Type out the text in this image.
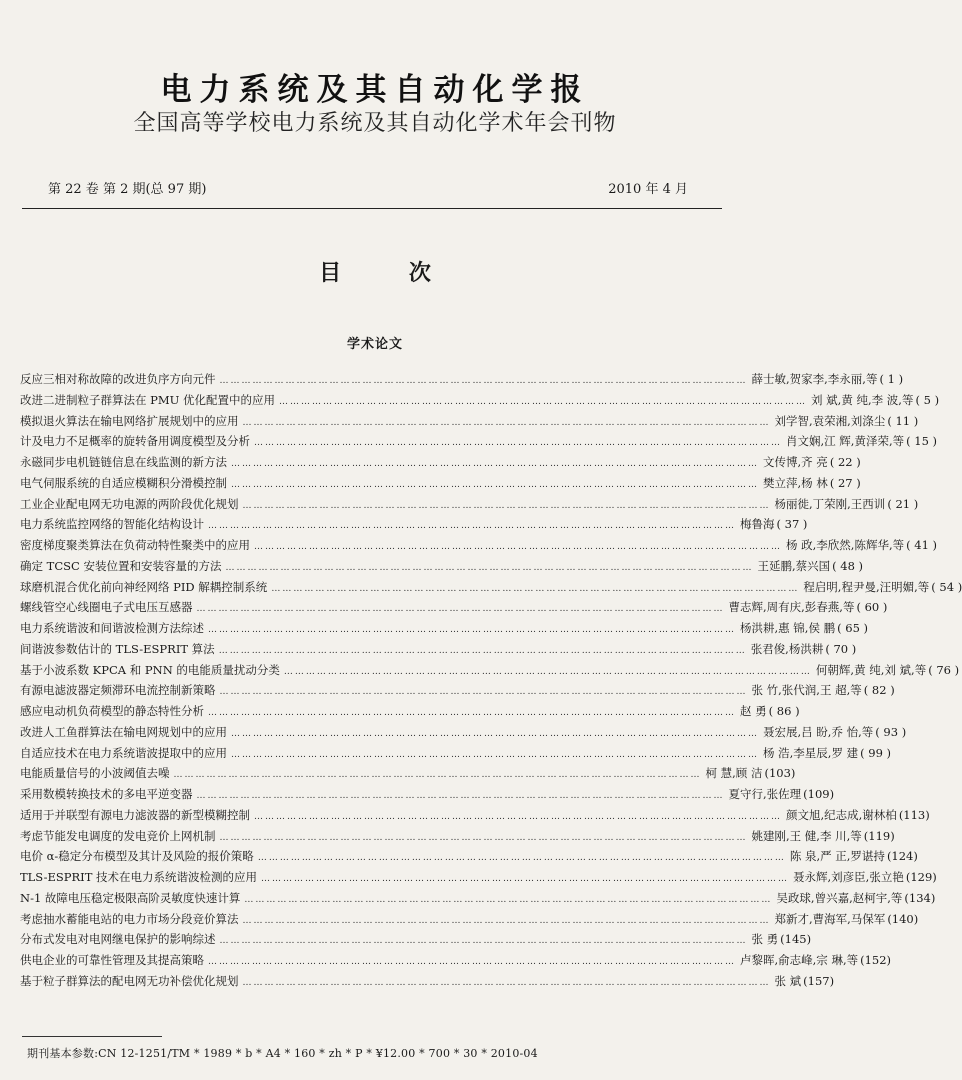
电力系统及其自动化学报
全国高等学校电力系统及其自动化学术年会刊物
第 22 卷 第 2 期(总 97 期)	2010 年 4 月
目 次
学术论文
反应三相对称故障的改进负序方向元件 ……………………………………………………………………………………………………………………………… 薛士敏,贺家李,李永丽,等 ( 1 )
改进二进制粒子群算法在 PMU 优化配置中的应用 ……………………………………………………………………………………………………………………………… 刘 斌,黄 纯,李 波,等 ( 5 )
模拟退火算法在输电网络扩展规划中的应用 ……………………………………………………………………………………………………………………………… 刘学智,袁荣湘,刘涤尘 ( 11 )
计及电力不足概率的旋转备用调度模型及分析 ……………………………………………………………………………………………………………………………… 肖文娴,江 辉,黄泽荣,等 ( 15 )
永磁同步电机链链信息在线监测的新方法 ……………………………………………………………………………………………………………………………… 文传博,齐 亮 ( 22 )
电气伺服系统的自适应模糊积分滑模控制 ……………………………………………………………………………………………………………………………… 樊立萍,杨 林 ( 27 )
工业企业配电网无功电源的两阶段优化规划 ……………………………………………………………………………………………………………………………… 杨丽徙,丁荣刚,王西训 ( 21 )
电力系统监控网络的智能化结构设计 ……………………………………………………………………………………………………………………………… 梅鲁海 ( 37 )
密度梯度聚类算法在负荷动特性聚类中的应用 ……………………………………………………………………………………………………………………………… 杨 政,李欣然,陈辉华,等 ( 41 )
确定 TCSC 安装位置和安装容量的方法 ……………………………………………………………………………………………………………………………… 王延鹏,蔡兴国 ( 48 )
球磨机混合优化前向神经网络 PID 解耦控制系统 ……………………………………………………………………………………………………………………………… 程启明,程尹曼,汪明媚,等 ( 54 )
螺线管空心线圈电子式电压互感器 ……………………………………………………………………………………………………………………………… 曹志辉,周有庆,彭春燕,等 ( 60 )
电力系统谐波和间谐波检测方法综述 ……………………………………………………………………………………………………………………………… 杨洪耕,惠 锦,侯 鹏 ( 65 )
间谐波参数估计的 TLS-ESPRIT 算法 ……………………………………………………………………………………………………………………………… 张君俊,杨洪耕 ( 70 )
基于小波系数 KPCA 和 PNN 的电能质量扰动分类 ……………………………………………………………………………………………………………………………… 何朝辉,黄 纯,刘 斌,等 ( 76 )
有源电滤波器定频滞环电流控制新策略 ……………………………………………………………………………………………………………………………… 张 竹,张代润,王 超,等 ( 82 )
感应电动机负荷模型的静态特性分析 ……………………………………………………………………………………………………………………………… 赵 勇 ( 86 )
改进人工鱼群算法在输电网规划中的应用 ……………………………………………………………………………………………………………………………… 聂宏展,吕 盼,乔 怡,等 ( 93 )
自适应技术在电力系统谐波提取中的应用 ……………………………………………………………………………………………………………………………… 杨 浩,李星辰,罗 建 ( 99 )
电能质量信号的小波阈值去噪 ……………………………………………………………………………………………………………………………… 柯 慧,顾 洁 (103)
采用数模转换技术的多电平逆变器 ……………………………………………………………………………………………………………………………… 夏守行,张佐理 (109)
适用于并联型有源电力滤波器的新型模糊控制 ……………………………………………………………………………………………………………………………… 颜文旭,纪志成,谢林柏 (113)
考虑节能发电调度的发电竞价上网机制 ……………………………………………………………………………………………………………………………… 姚建刚,王 健,李 川,等 (119)
电价 α-稳定分布模型及其计及风险的报价策略 ……………………………………………………………………………………………………………………………… 陈 泉,严 正,罗谌持 (124)
TLS-ESPRIT 技术在电力系统谐波检测的应用 ……………………………………………………………………………………………………………………………… 聂永辉,刘彦臣,张立艳 (129)
N-1 故障电压稳定极限高阶灵敏度快速计算 ……………………………………………………………………………………………………………………………… 吴政球,曾兴嘉,赵柯宇,等 (134)
考虑抽水蓄能电站的电力市场分段竞价算法 ……………………………………………………………………………………………………………………………… 郑新才,曹海军,马保军 (140)
分布式发电对电网继电保护的影响综述 ……………………………………………………………………………………………………………………………… 张 勇 (145)
供电企业的可靠性管理及其提高策略 ……………………………………………………………………………………………………………………………… 卢黎晖,俞志峰,宗 琳,等 (152)
基于粒子群算法的配电网无功补偿优化规划 ……………………………………………………………………………………………………………………………… 张 斌 (157)
期刊基本参数:CN 12-1251/TM * 1989 * b * A4 * 160 * zh * P * ¥12.00 * 700 * 30 * 2010-04
